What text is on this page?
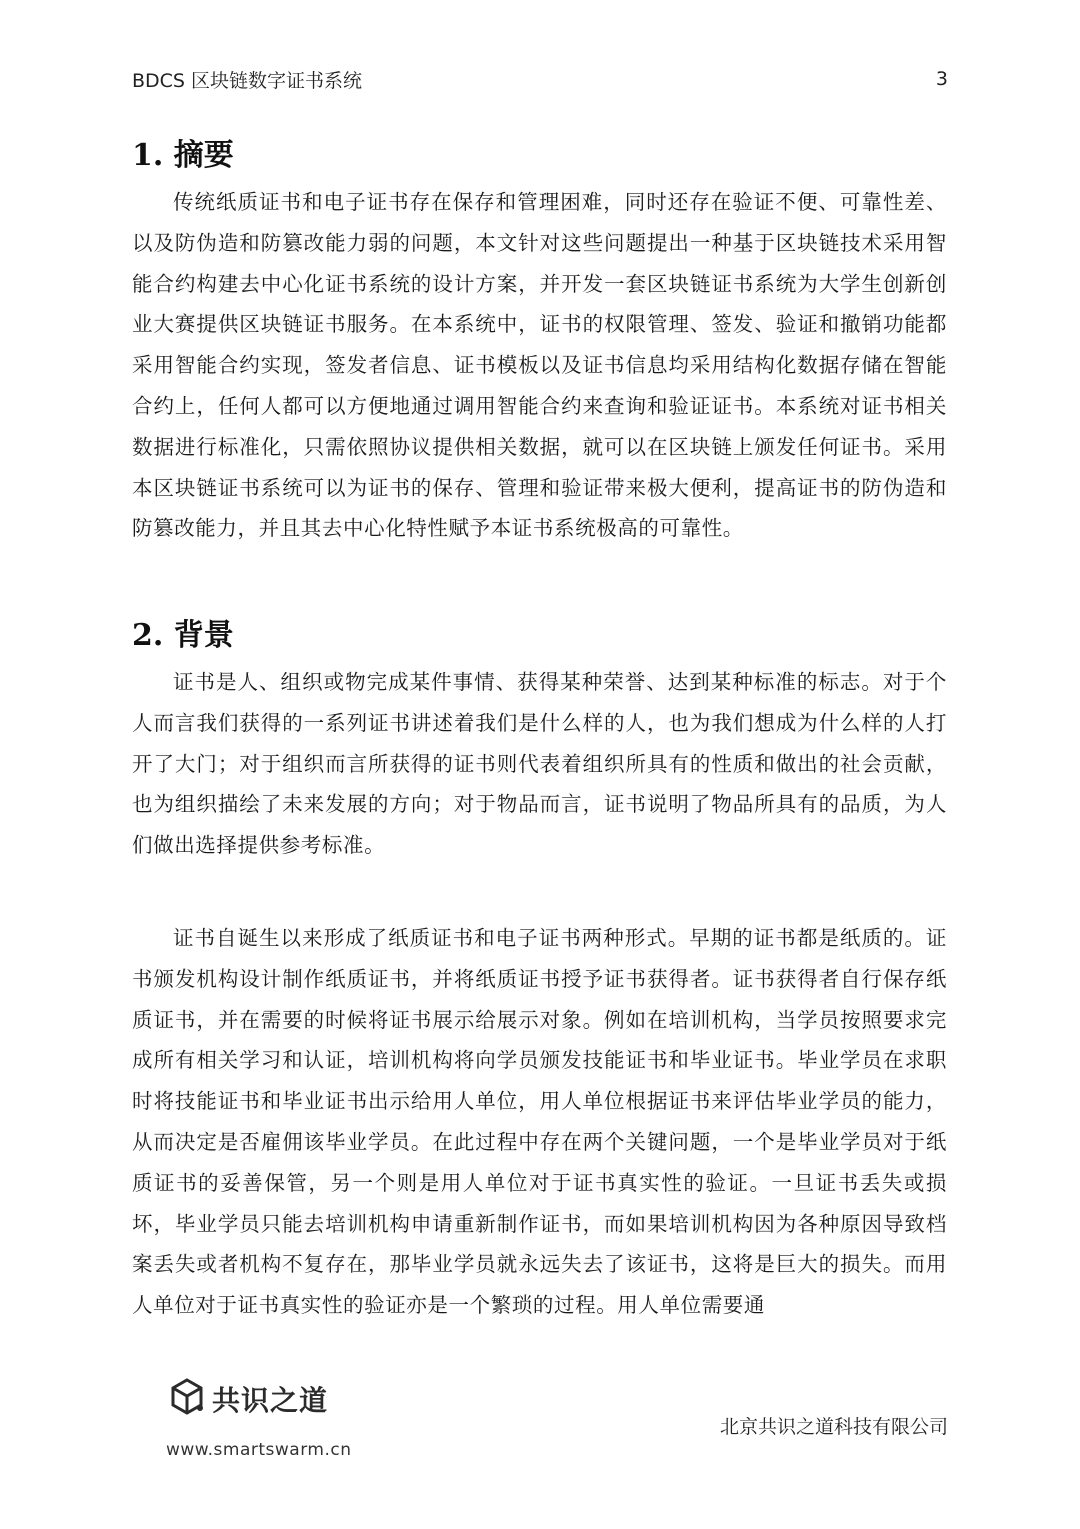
BDCS 区块链数字证书系统	3
1. 摘要

传统纸质证书和电子证书存在保存和管理困难，同时还存在验证不便、可靠性差、以及防伪造和防篡改能力弱的问题，本文针对这些问题提出一种基于区块链技术采用智能合约构建去中心化证书系统的设计方案，并开发一套区块链证书系统为大学生创新创业大赛提供区块链证书服务。在本系统中，证书的权限管理、签发、验证和撤销功能都采用智能合约实现，签发者信息、证书模板以及证书信息均采用结构化数据存储在智能合约上，任何人都可以方便地通过调用智能合约来查询和验证证书。本系统对证书相关数据进行标准化，只需依照协议提供相关数据，就可以在区块链上颁发任何证书。采用本区块链证书系统可以为证书的保存、管理和验证带来极大便利，提高证书的防伪造和防篡改能力，并且其去中心化特性赋予本证书系统极高的可靠性。

2. 背景

证书是人、组织或物完成某件事情、获得某种荣誉、达到某种标准的标志。对于个人而言我们获得的一系列证书讲述着我们是什么样的人，也为我们想成为什么样的人打开了大门；对于组织而言所获得的证书则代表着组织所具有的性质和做出的社会贡献，也为组织描绘了未来发展的方向；对于物品而言，证书说明了物品所具有的品质，为人们做出选择提供参考标准。

证书自诞生以来形成了纸质证书和电子证书两种形式。早期的证书都是纸质的。证书颁发机构设计制作纸质证书，并将纸质证书授予证书获得者。证书获得者自行保存纸质证书，并在需要的时候将证书展示给展示对象。例如在培训机构，当学员按照要求完成所有相关学习和认证，培训机构将向学员颁发技能证书和毕业证书。毕业学员在求职时将技能证书和毕业证书出示给用人单位，用人单位根据证书来评估毕业学员的能力，从而决定是否雇佣该毕业学员。在此过程中存在两个关键问题，一个是毕业学员对于纸质证书的妥善保管，另一个则是用人单位对于证书真实性的验证。一旦证书丢失或损坏，毕业学员只能去培训机构申请重新制作证书，而如果培训机构因为各种原因导致档案丢失或者机构不复存在，那毕业学员就永远失去了该证书，这将是巨大的损失。而用人单位对于证书真实性的验证亦是一个繁琐的过程。用人单位需要通

共识之道
www.smartswarm.cn
北京共识之道科技有限公司
